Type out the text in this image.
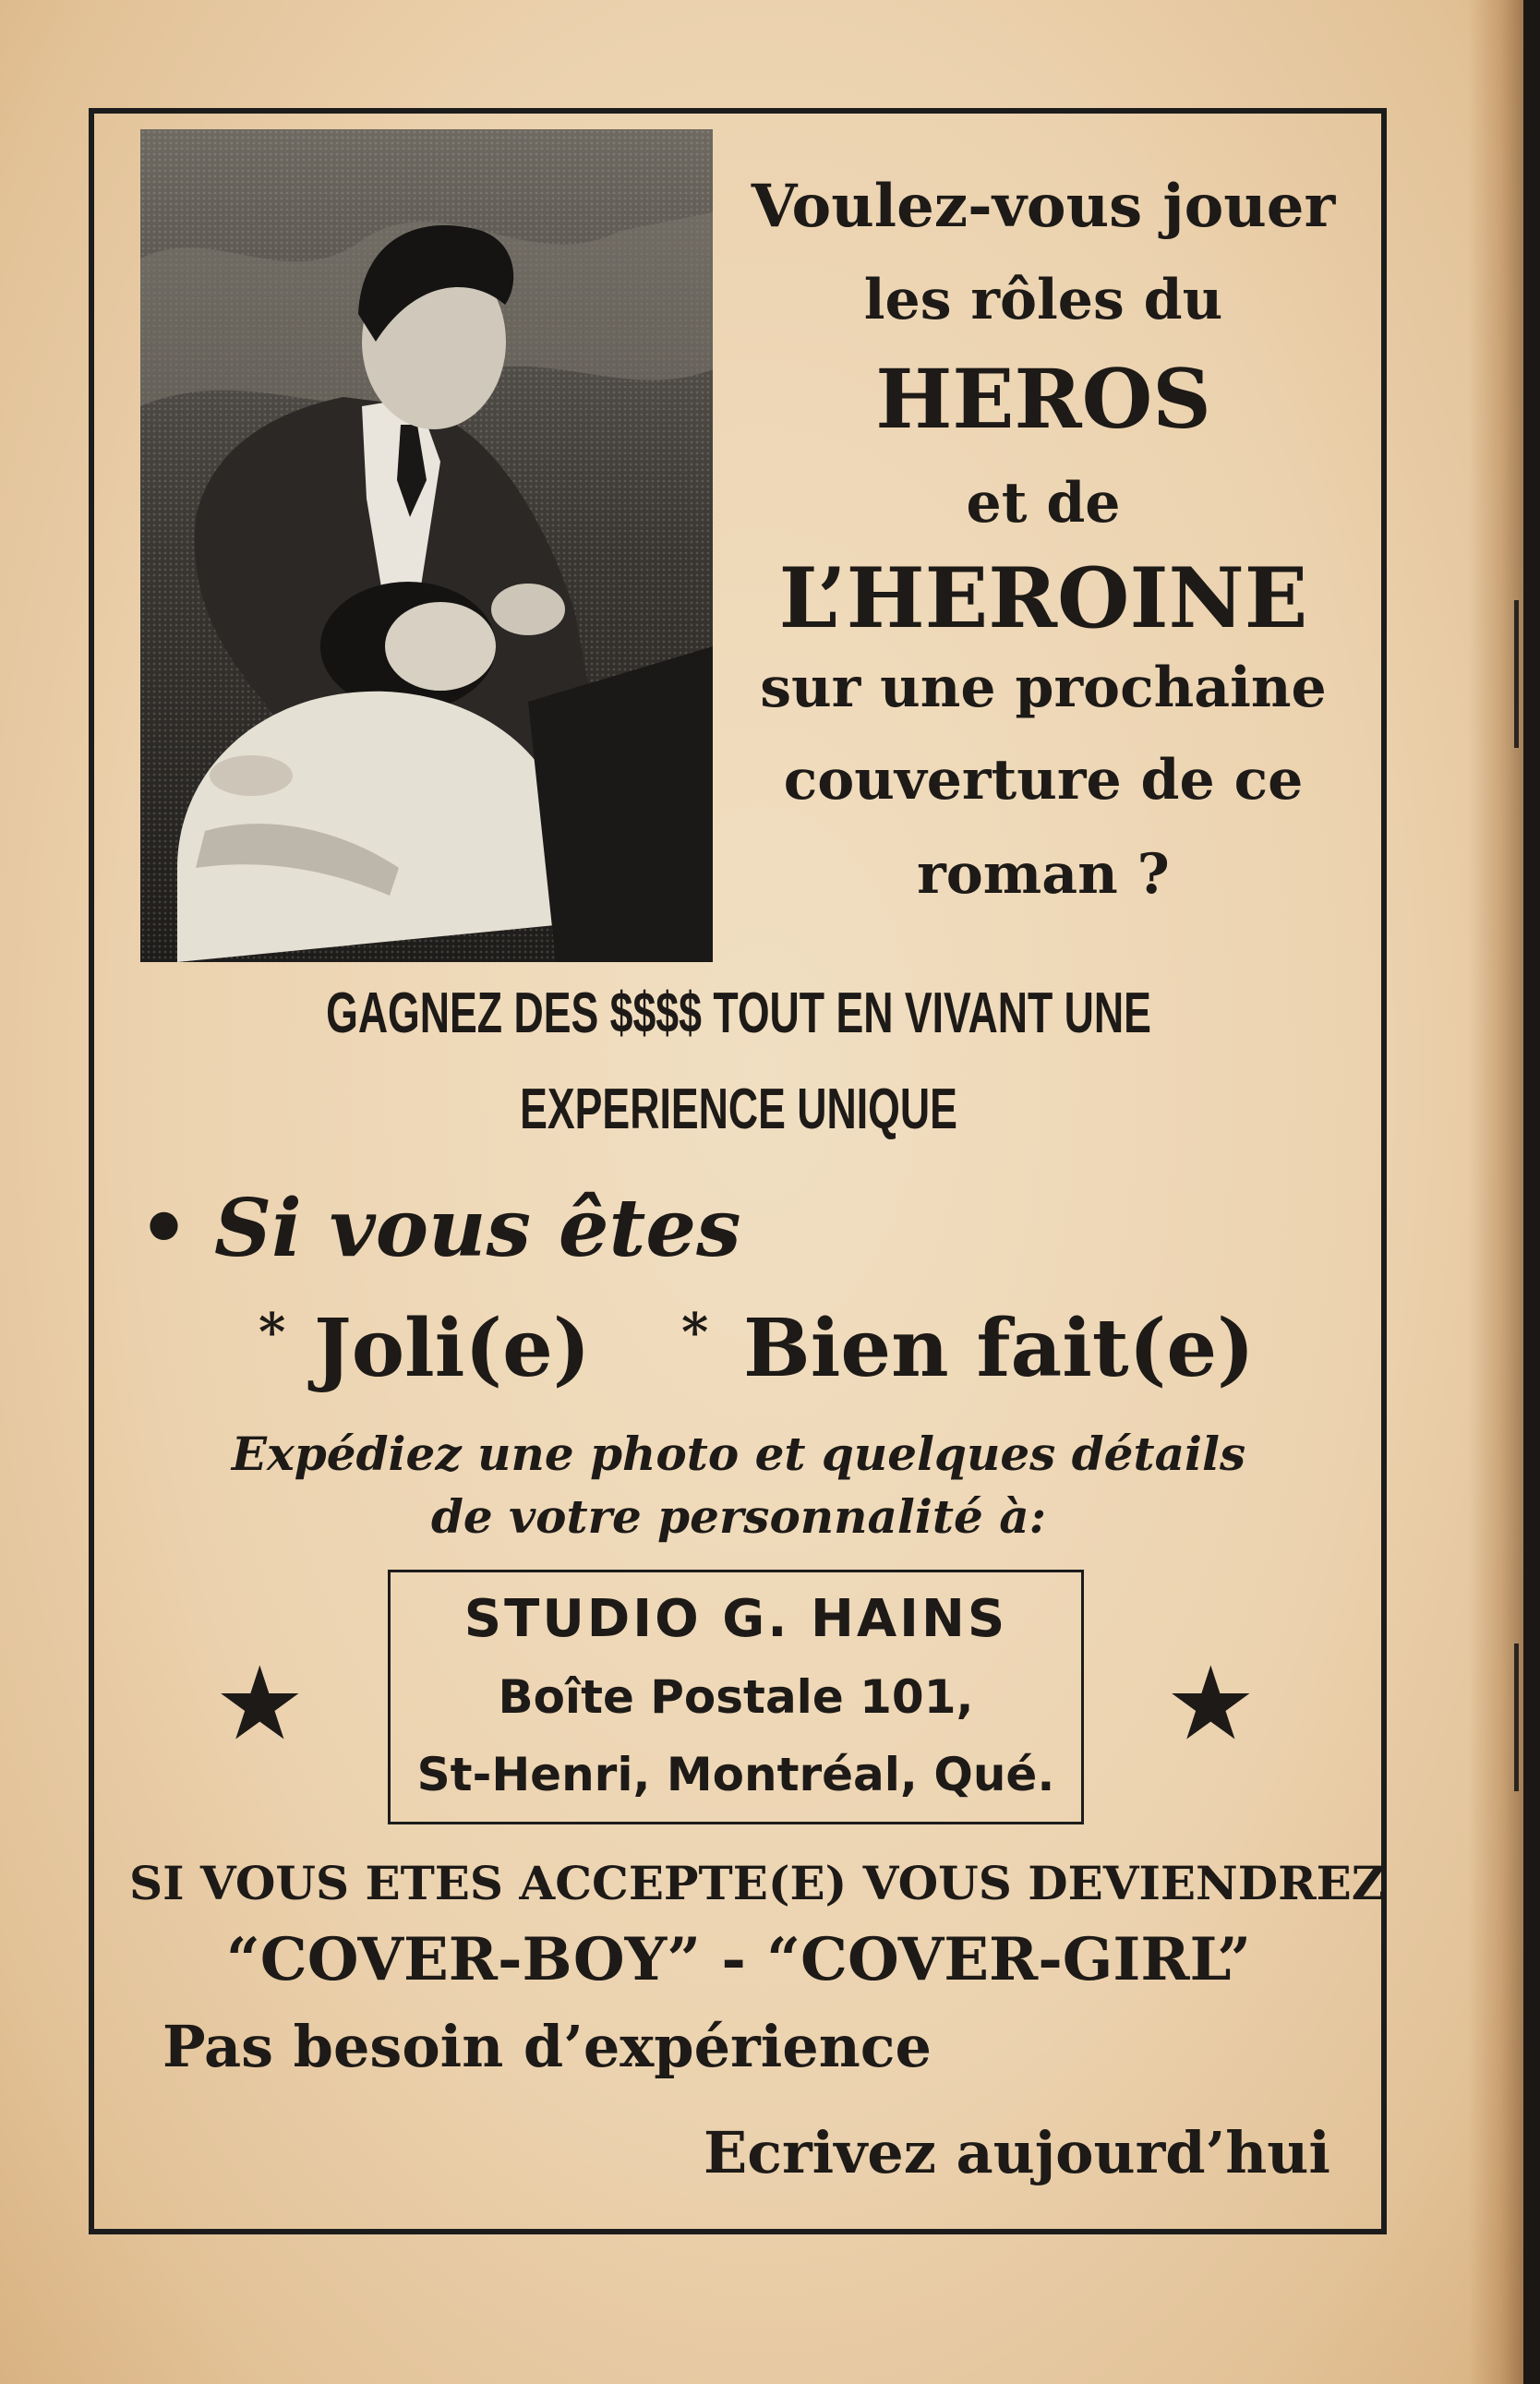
Voulez-vous jouer
les rôles du
HEROS
et de
L’HEROINE
sur une prochaine
couverture de ce
roman ?
GAGNEZ DES $$$$ TOUT EN VIVANT UNE
EXPERIENCE UNIQUE
• Si vous êtes
* Joli(e) * Bien fait(e)
Expédiez une photo et quelques détails
de votre personnalité à:
★
STUDIO G. HAINS
Boîte Postale 101,
St-Henri, Montréal, Qué.
★
SI VOUS ETES ACCEPTE(E) VOUS DEVIENDREZ
“COVER-BOY” - “COVER-GIRL”
Pas besoin d’expérience
Ecrivez aujourd’hui
